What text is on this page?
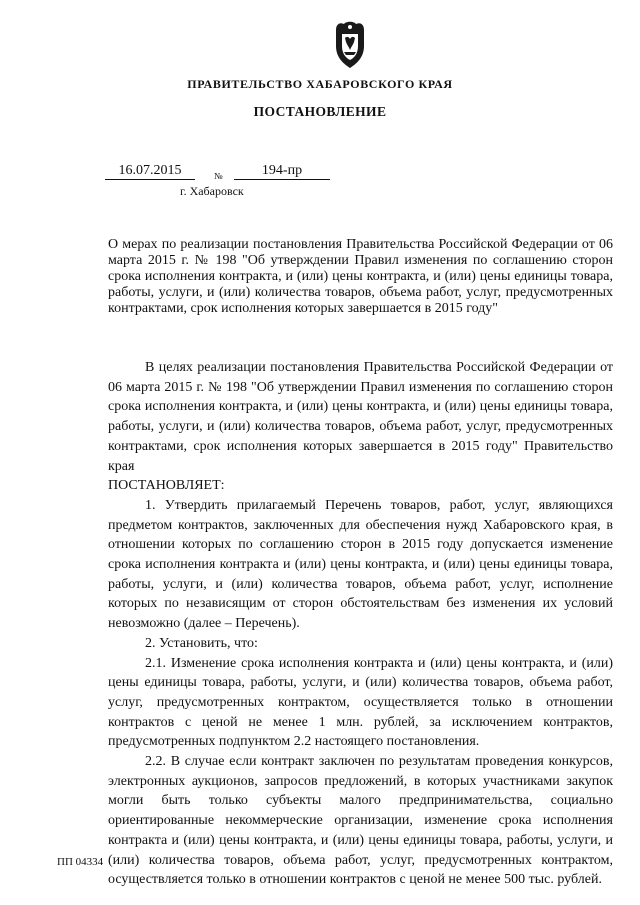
ПРАВИТЕЛЬСТВО ХАБАРОВСКОГО КРАЯ
ПОСТАНОВЛЕНИЕ
16.07.2015	№	194-пр
г. Хабаровск
О мерах по реализации постановления Правительства Российской Федерации от 06 марта 2015 г. № 198 "Об утверждении Правил изменения по соглашению сторон срока исполнения контракта, и (или) цены контракта, и (или) цены единицы товара, работы, услуги, и (или) количества товаров, объема работ, услуг, предусмотренных контрактами, срок исполнения которых завершается в 2015 году"

В целях реализации постановления Правительства Российской Федерации от 06 марта 2015 г. № 198 "Об утверждении Правил изменения по соглашению сторон срока исполнения контракта, и (или) цены контракта, и (или) цены единицы товара, работы, услуги, и (или) количества товаров, объема работ, услуг, предусмотренных контрактами, срок исполнения которых завершается в 2015 году" Правительство края

ПОСТАНОВЛЯЕТ:

1. Утвердить прилагаемый Перечень товаров, работ, услуг, являющихся предметом контрактов, заключенных для обеспечения нужд Хабаровского края, в отношении которых по соглашению сторон в 2015 году допускается изменение срока исполнения контракта и (или) цены контракта, и (или) цены единицы товара, работы, услуги, и (или) количества товаров, объема работ, услуг, исполнение которых по независящим от сторон обстоятельствам без изменения их условий невозможно (далее – Перечень).

2. Установить, что:

2.1. Изменение срока исполнения контракта и (или) цены контракта, и (или) цены единицы товара, работы, услуги, и (или) количества товаров, объема работ, услуг, предусмотренных контрактом, осуществляется только в отношении контрактов с ценой не менее 1 млн. рублей, за исключением контрактов, предусмотренных подпунктом 2.2 настоящего постановления.

2.2. В случае если контракт заключен по результатам проведения конкурсов, электронных аукционов, запросов предложений, в которых участниками закупок могли быть только субъекты малого предпринимательства, социально ориентированные некоммерческие организации, изменение срока исполнения контракта и (или) цены контракта, и (или) цены единицы товара, работы, услуги, и (или) количества товаров, объема работ, услуг, предусмотренных контрактом, осуществляется только в отношении контрактов с ценой не менее 500 тыс. рублей.

ПП 04334
